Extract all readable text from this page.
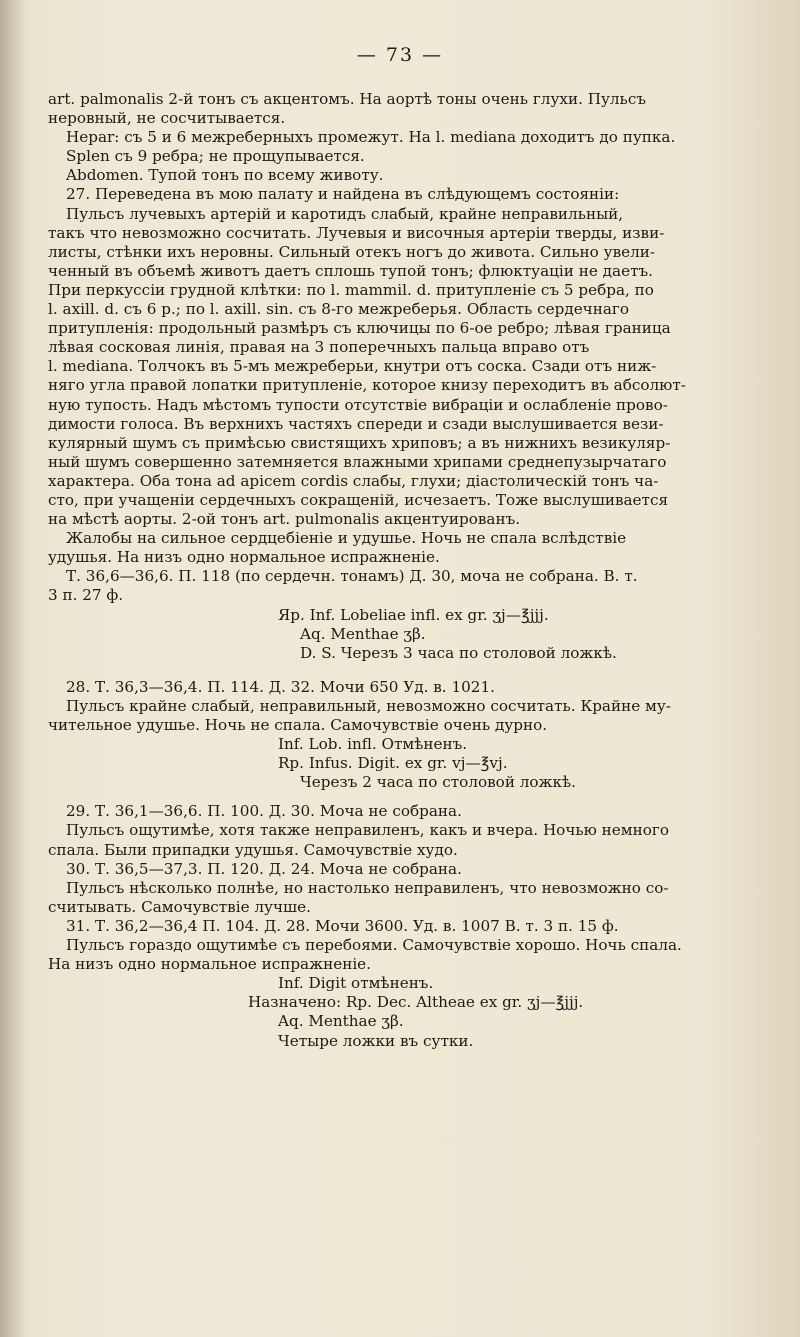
— 73 —

art. palmonalis 2-й тонъ съ акцентомъ. На аортѣ тоны очень глухи. Пульсъ

неровный, не сосчитывается.

Hepar: съ 5 и 6 межреберныхъ промежут. На l. mediana доходитъ до пупка.

Splen съ 9 ребра; не прощупывается.

Abdomen. Тупой тонъ по всему животу.

27. Переведена въ мою палату и найдена въ слѣдующемъ состояніи:

Пульсъ лучевыхъ артерій и каротидъ слабый, крайне неправильный,

такъ что невозможно сосчитать. Лучевыя и височныя артеріи тверды, изви-

листы, стѣнки ихъ неровны. Сильный отекъ ногъ до живота. Сильно увели-

ченный въ объемѣ животъ даетъ сплошь тупой тонъ; флюктуаціи не даетъ.

При перкуссіи грудной клѣтки: по l. mammil. d. притупленіе съ 5 ребра, по

l. axill. d. съ 6 р.; по l. axill. sin. съ 8-го межреберья. Область сердечнаго

притупленія: продольный размѣръ съ ключицы по 6-ое ребро; лѣвая граница

лѣвая сосковая линія, правая на 3 поперечныхъ пальца вправо отъ

l. mediana. Толчокъ въ 5-мъ межреберьи, кнутри отъ соска. Сзади отъ ниж-

няго угла правой лопатки притупленіе, которое книзу переходитъ въ абсолют-

ную тупость. Надъ мѣстомъ тупости отсутствіе вибраціи и ослабленіе прово-

димости голоса. Въ верхнихъ частяхъ спереди и сзади выслушивается вези-

кулярный шумъ съ примѣсью свистящихъ хриповъ; а въ нижнихъ везикуляр-

ный шумъ совершенно затемняется влажными хрипами среднепузырчатаго

характера. Оба тона ad apicem cordis слабы, глухи; діастолическій тонъ ча-

сто, при учащеніи сердечныхъ сокращеній, исчезаетъ. Тоже выслушивается

на мѣстѣ аорты. 2-ой тонъ art. pulmonalis акцентуированъ.

Жалобы на сильное сердцебіеніе и удушье. Ночь не спала вслѣдствіе

удушья. На низъ одно нормальное испражненіе.

Т. 36,6—36,6. П. 118 (по сердечн. тонамъ) Д. 30, моча не собрана. В. т.

3 п. 27 ф.

Яр. Inf. Lobeliae infl. ex gr. ʒj—℥jjj.

Aq. Menthae ʒβ.

D. S. Черезъ 3 часа по столовой ложкѣ.

28. Т. 36,3—36,4. П. 114. Д. 32. Мочи 650 Уд. в. 1021.

Пульсъ крайне слабый, неправильный, невозможно сосчитать. Крайне му-

чительное удушье. Ночь не спала. Самочувствіе очень дурно.

Inf. Lob. infl. Отмѣненъ.

Rp. Infus. Digit. ex gr. vj—℥vj.

Черезъ 2 часа по столовой ложкѣ.

29. Т. 36,1—36,6. П. 100. Д. 30. Моча не собрана.

Пульсъ ощутимѣе, хотя также неправиленъ, какъ и вчера. Ночью немного

спала. Были припадки удушья. Самочувствіе худо.

30. Т. 36,5—37,3. П. 120. Д. 24. Моча не собрана.

Пульсъ нѣсколько полнѣе, но настолько неправиленъ, что невозможно со-

считывать. Самочувствіе лучше.

31. Т. 36,2—36,4 П. 104. Д. 28. Мочи 3600. Уд. в. 1007 В. т. 3 п. 15 ф.

Пульсъ гораздо ощутимѣе съ перебоями. Самочувствіе хорошо. Ночь спала.

На низъ одно нормальное испражненіе.

Inf. Digit отмѣненъ.

Назначено: Rp. Dec. Althеае ex gr. ʒj—℥jjj.

Aq. Menthae ʒβ.

Четыре ложки въ сутки.
